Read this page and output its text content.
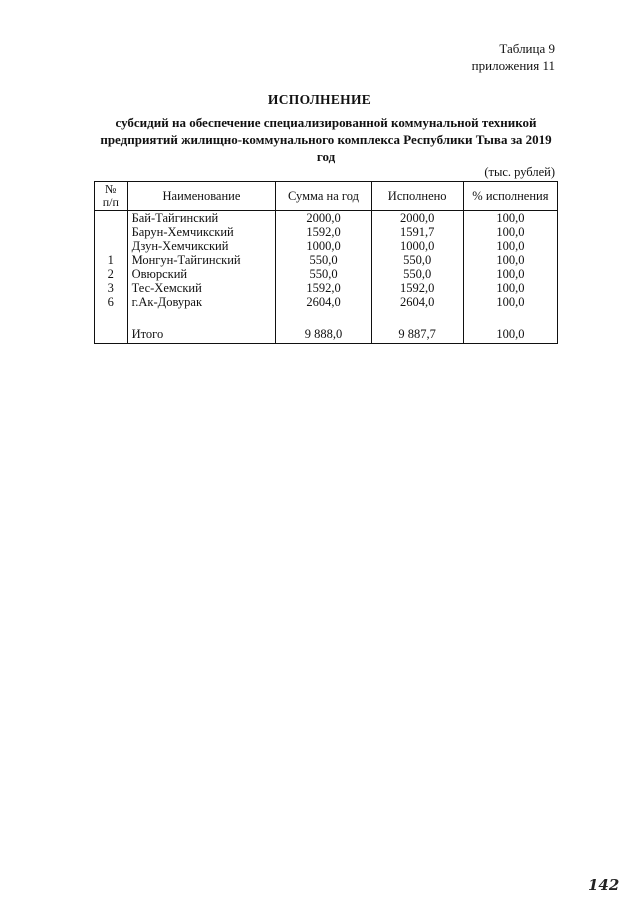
Таблица 9
приложения 11
ИСПОЛНЕНИЕ
субсидий на обеспечение специализированной коммунальной техникой предприятий жилищно-коммунального комплекса Республики Тыва за 2019 год
(тыс. рублей)
№
п/п	Наименование	Сумма на год	Исполнено	% исполнения
	Бай-Тайгинский	2000,0	2000,0	100,0
	Барун-Хемчикский	1592,0	1591,7	100,0
	Дзун-Хемчикский	1000,0	1000,0	100,0
1	Монгун-Тайгинский	550,0	550,0	100,0
2	Овюрский	550,0	550,0	100,0
3	Тес-Хемский	1592,0	1592,0	100,0
6	г.Ак-Довурак	2604,0	2604,0	100,0
	Итого	9 888,0	9 887,7	100,0
142
